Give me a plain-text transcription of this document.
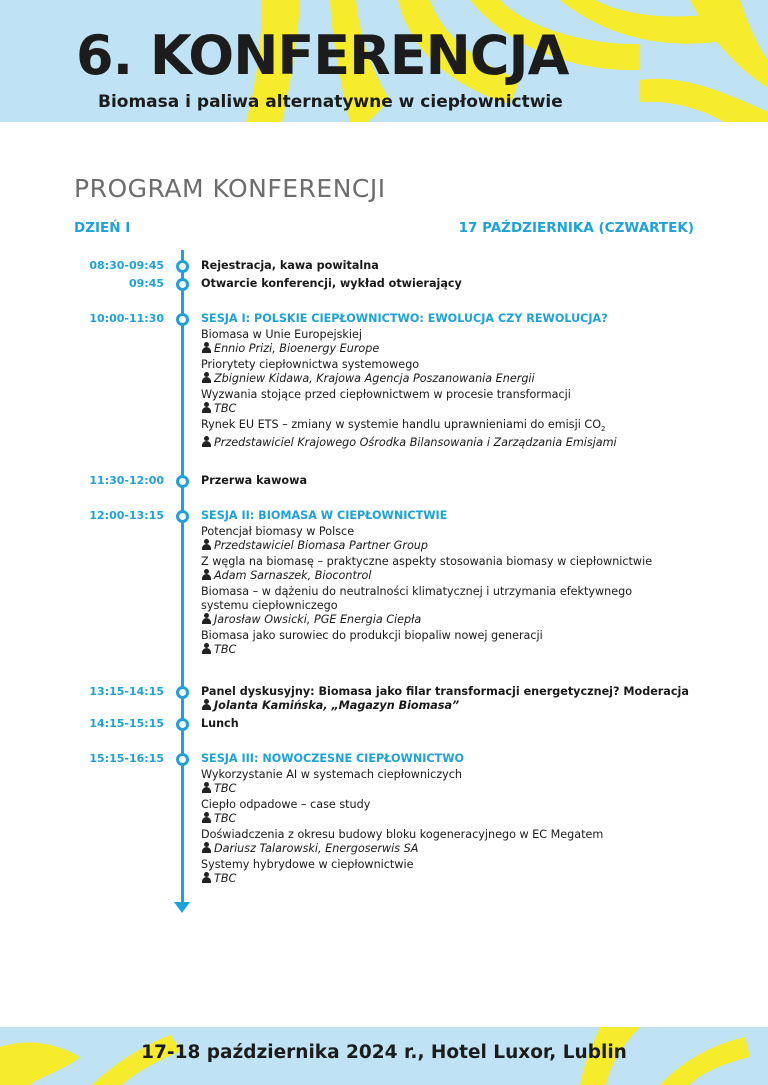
6. KONFERENCJA
Biomasa i paliwa alternatywne w ciepłownictwie
PROGRAM KONFERENCJI
DZIEŃ I	17 PAŹDZIERNIKA (CZWARTEK)
08:30-09:45	Rejestracja, kawa powitalna
09:45	Otwarcie konferencji, wykład otwierający
10:00-11:30	SESJA I: POLSKIE CIEPŁOWNICTWO: EWOLUCJA CZY REWOLUCJA?
Biomasa w Unie Europejskiej
Ennio Prizi, Bioenergy Europe
Priorytety ciepłownictwa systemowego
Zbigniew Kidawa, Krajowa Agencja Poszanowania Energii
Wyzwania stojące przed ciepłownictwem w procesie transformacji
TBC
Rynek EU ETS – zmiany w systemie handlu uprawnieniami do emisji $CO_2$
Przedstawiciel Krajowego Ośrodka Bilansowania i Zarządzania Emisjami
11:30-12:00	Przerwa kawowa
12:00-13:15	SESJA II: BIOMASA W CIEPŁOWNICTWIE
Potencjał biomasy w Polsce
Przedstawiciel Biomasa Partner Group
Z węgla na biomasę – praktyczne aspekty stosowania biomasy w ciepłownictwie
Adam Sarnaszek, Biocontrol
Biomasa – w dążeniu do neutralności klimatycznej i utrzymania efektywnego systemu ciepłowniczego
Jarosław Owsicki, PGE Energia Ciepła
Biomasa jako surowiec do produkcji biopaliw nowej generacji
TBC
13:15-14:15	Panel dyskusyjny: Biomasa jako filar transformacji energetycznej? Moderacja
Jolanta Kamińska, „Magazyn Biomasa”
14:15-15:15	Lunch
15:15-16:15	SESJA III: NOWOCZESNE CIEPŁOWNICTWO
Wykorzystanie AI w systemach ciepłowniczych
TBC
Ciepło odpadowe – case study
TBC
Doświadczenia z okresu budowy bloku kogeneracyjnego w EC Megatem
Dariusz Talarowski, Energoserwis SA
Systemy hybrydowe w ciepłownictwie
TBC
17-18 października 2024 r., Hotel Luxor, Lublin
